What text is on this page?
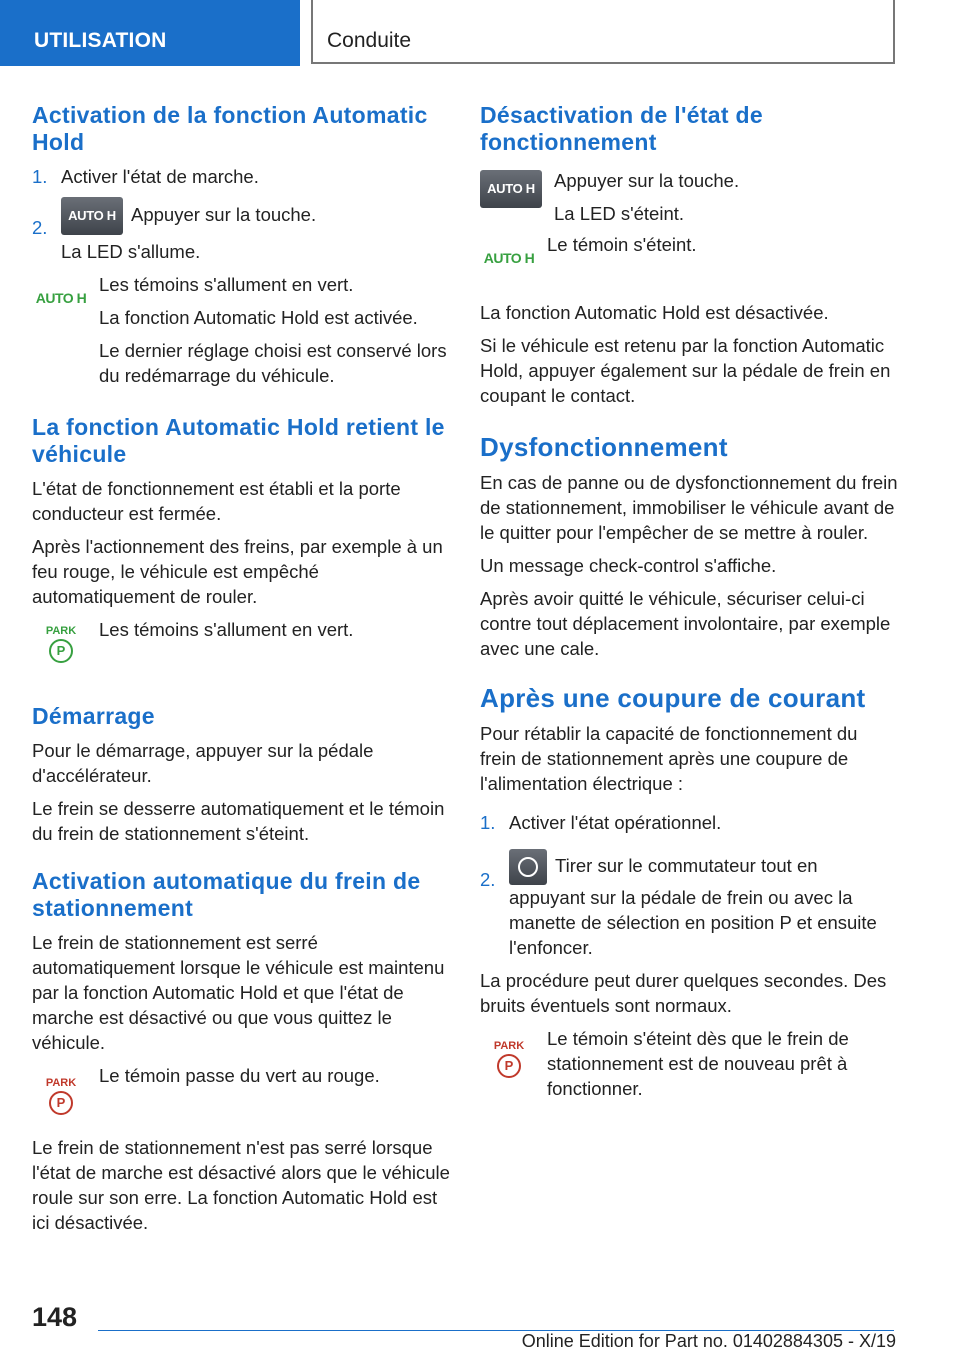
UTILISATION	Conduite
Activation de la fonction Automatic Hold
1. Activer l'état de marche.
2.
AUTO H Appuyer sur la touche.

La LED s'allume.

AUTO H

Les témoins s'allument en vert.

La fonction Automatic Hold est activée.

Le dernier réglage choisi est conservé lors du redémarrage du véhicule.

La fonction Automatic Hold retient le véhicule

L'état de fonctionnement est établi et la porte conducteur est fermée.

Après l'actionnement des freins, par exemple à un feu rouge, le véhicule est empêché automatiquement de rouler.

PARK
P

Les témoins s'allument en vert.

Démarrage

Pour le démarrage, appuyer sur la pédale d'accélérateur.

Le frein se desserre automatiquement et le témoin du frein de stationnement s'éteint.

Activation automatique du frein de stationnement

Le frein de stationnement est serré automatiquement lorsque le véhicule est maintenu par la fonction Automatic Hold et que l'état de marche est désactivé ou que vous quittez le véhicule.

PARK
P

Le témoin passe du vert au rouge.

Le frein de stationnement n'est pas serré lorsque l'état de marche est désactivé alors que le véhicule roule sur son erre. La fonction Automatic Hold est ici désactivée.

Désactivation de l'état de fonctionnement
AUTO H	Appuyer sur la touche.

La LED s'éteint.

AUTO H

Le témoin s'éteint.

La fonction Automatic Hold est désactivée.

Si le véhicule est retenu par la fonction Automatic Hold, appuyer également sur la pédale de frein en coupant le contact.

Dysfonctionnement

En cas de panne ou de dysfonctionnement du frein de stationnement, immobiliser le véhicule avant de le quitter pour l'empêcher de se mettre à rouler.

Un message check-control s'affiche.

Après avoir quitté le véhicule, sécuriser celui-ci contre tout déplacement involontaire, par exemple avec une cale.

Après une coupure de courant

Pour rétablir la capacité de fonctionnement du frein de stationnement après une coupure de l'alimentation électrique :

1. Activer l'état opérationnel.
2.
Tirer sur le commutateur tout en appuyant sur la pédale de frein ou avec la manette de sélection en position P et ensuite l'enfoncer.

La procédure peut durer quelques secondes. Des bruits éventuels sont normaux.

PARK
P

Le témoin s'éteint dès que le frein de stationnement est de nouveau prêt à fonctionner.

148
Online Edition for Part no. 01402884305 - X/19
